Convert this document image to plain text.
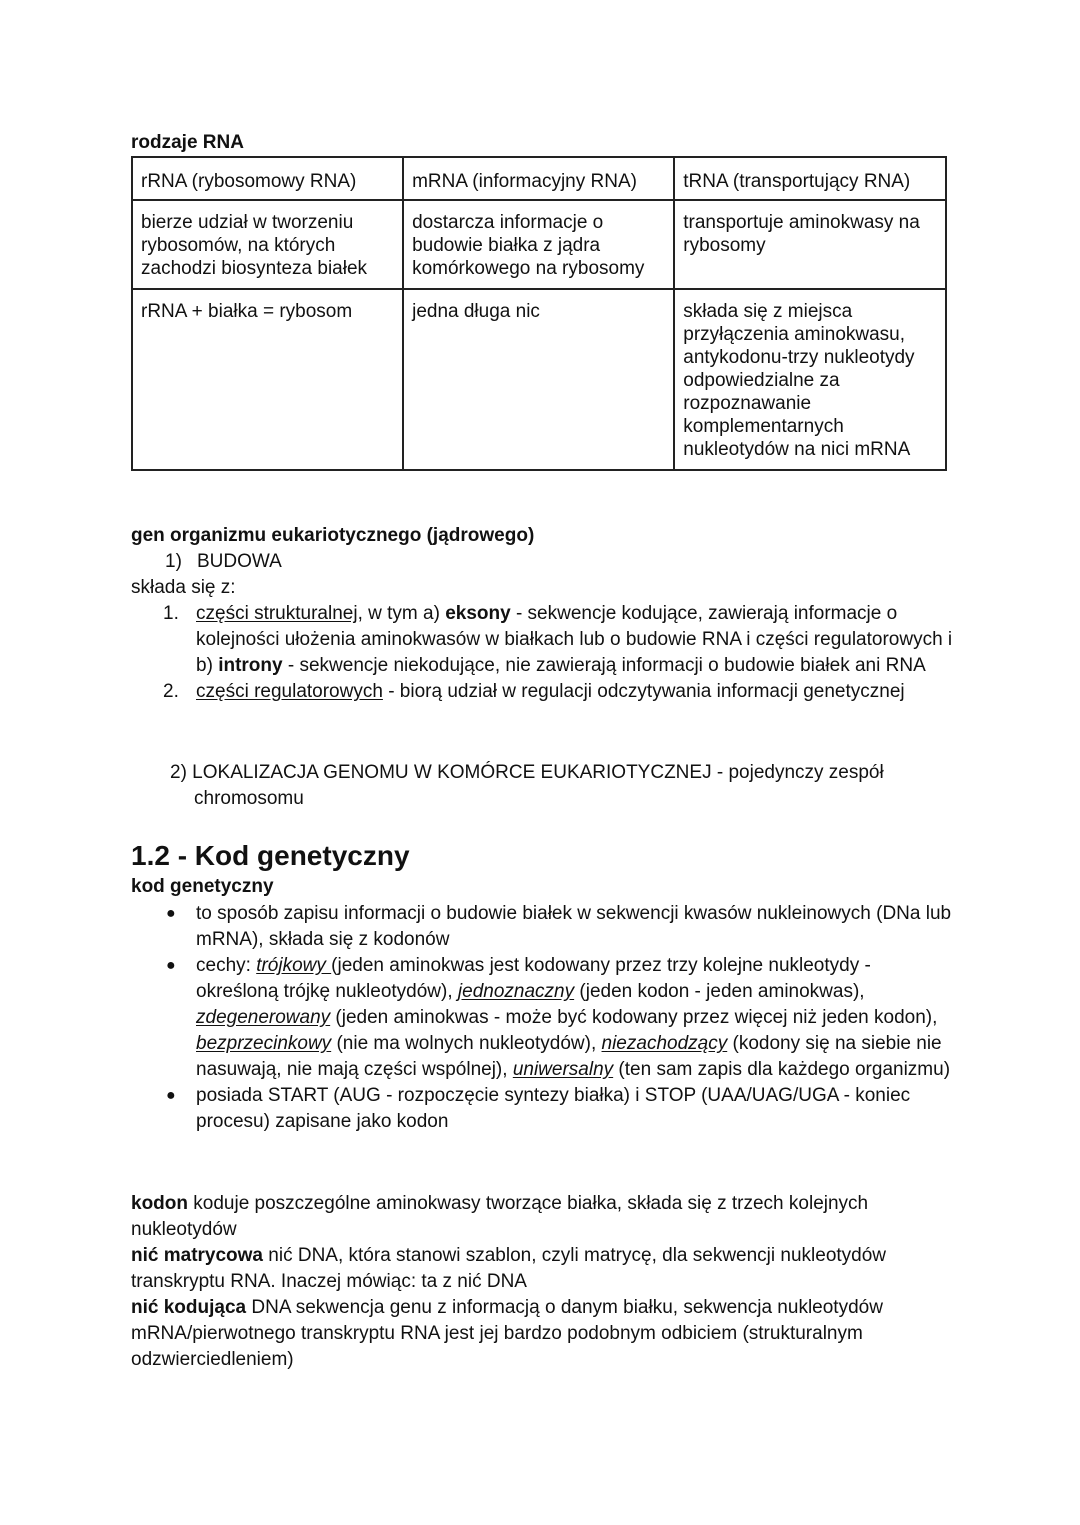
rodzaje RNA
rRNA (rybosomowy RNA)	mRNA (informacyjny RNA)	tRNA (transportujący RNA)
bierze udział w tworzeniu rybosomów, na których zachodzi biosynteza białek	dostarcza informacje o budowie białka z jądra komórkowego na rybosomy	transportuje aminokwasy na rybosomy
rRNA + białka = rybosom	jedna długa nic	składa się z miejsca przyłączenia aminokwasu, antykodonu-trzy nukleotydy odpowiedzialne za rozpoznawanie komplementarnych nukleotydów na nici mRNA
gen organizmu eukariotycznego (jądrowego)
1) BUDOWA
składa się z:
1. części strukturalnej, w tym a) eksony - sekwencje kodujące, zawierają informacje o kolejności ułożenia aminokwasów w białkach lub o budowie RNA i części regulatorowych i b) introny - sekwencje niekodujące, nie zawierają informacji o budowie białek ani RNA
2. części regulatorowych - biorą udział w regulacji odczytywania informacji genetycznej
2) LOKALIZACJA GENOMU W KOMÓRCE EUKARIOTYCZNEJ - pojedynczy zespół
chromosomu
1.2 - Kod genetyczny
kod genetyczny
● to sposób zapisu informacji o budowie białek w sekwencji kwasów nukleinowych (DNa lub mRNA), składa się z kodonów
● cechy: trójkowy (jeden aminokwas jest kodowany przez trzy kolejne nukleotydy -określoną trójkę nukleotydów), jednoznaczny (jeden kodon - jeden aminokwas), zdegenerowany (jeden aminokwas - może być kodowany przez więcej niż jeden kodon), bezprzecinkowy (nie ma wolnych nukleotydów), niezachodzący (kodony się na siebie nie nasuwają, nie mają części wspólnej), uniwersalny (ten sam zapis dla każdego organizmu)
● posiada START (AUG - rozpoczęcie syntezy białka) i STOP (UAA/UAG/UGA - koniec procesu) zapisane jako kodon

kodon koduje poszczególne aminokwasy tworzące białka, składa się z trzech kolejnych nukleotydów

nić matrycowa nić DNA, która stanowi szablon, czyli matrycę, dla sekwencji nukleotydów transkryptu RNA. Inaczej mówiąc: ta z nić DNA

nić kodująca DNA sekwencja genu z informacją o danym białku, sekwencja nukleotydów mRNA/pierwotnego transkryptu RNA jest jej bardzo podobnym odbiciem (strukturalnym odzwierciedleniem)
